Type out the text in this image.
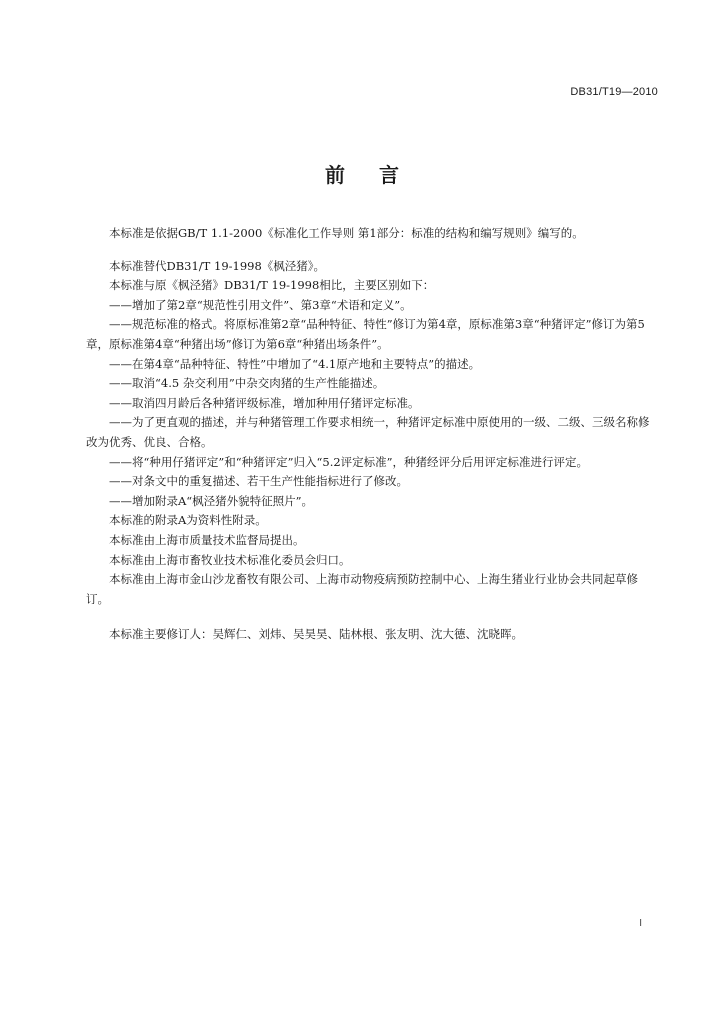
DB31/T19—2010
前言

本标准是依据GB/T 1.1-2000《标准化工作导则 第1部分：标准的结构和编写规则》编写的。

本标准替代DB31/T 19-1998《枫泾猪》。

本标准与原《枫泾猪》DB31/T 19-1998相比，主要区别如下：

——增加了第2章“规范性引用文件”、第3章“术语和定义”。

——规范标准的格式。将原标准第2章“品种特征、特性”修订为第4章，原标准第3章“种猪评定”修订为第5章，原标准第4章“种猪出场”修订为第6章“种猪出场条件”。

——在第4章“品种特征、特性”中增加了“4.1原产地和主要特点”的描述。

——取消“4.5 杂交利用”中杂交肉猪的生产性能描述。

——取消四月龄后各种猪评级标准，增加种用仔猪评定标准。

——为了更直观的描述，并与种猪管理工作要求相统一，种猪评定标准中原使用的一级、二级、三级名称修改为优秀、优良、合格。

——将“种用仔猪评定”和“种猪评定”归入“5.2评定标准”，种猪经评分后用评定标准进行评定。

——对条文中的重复描述、若干生产性能指标进行了修改。

——增加附录A“枫泾猪外貌特征照片”。

本标准的附录A为资料性附录。

本标准由上海市质量技术监督局提出。

本标准由上海市畜牧业技术标准化委员会归口。

本标准由上海市金山沙龙畜牧有限公司、上海市动物疫病预防控制中心、上海生猪业行业协会共同起草修订。

本标准主要修订人：吴辉仁、刘炜、吴昊昊、陆林根、张友明、沈大德、沈晓晖。

I
